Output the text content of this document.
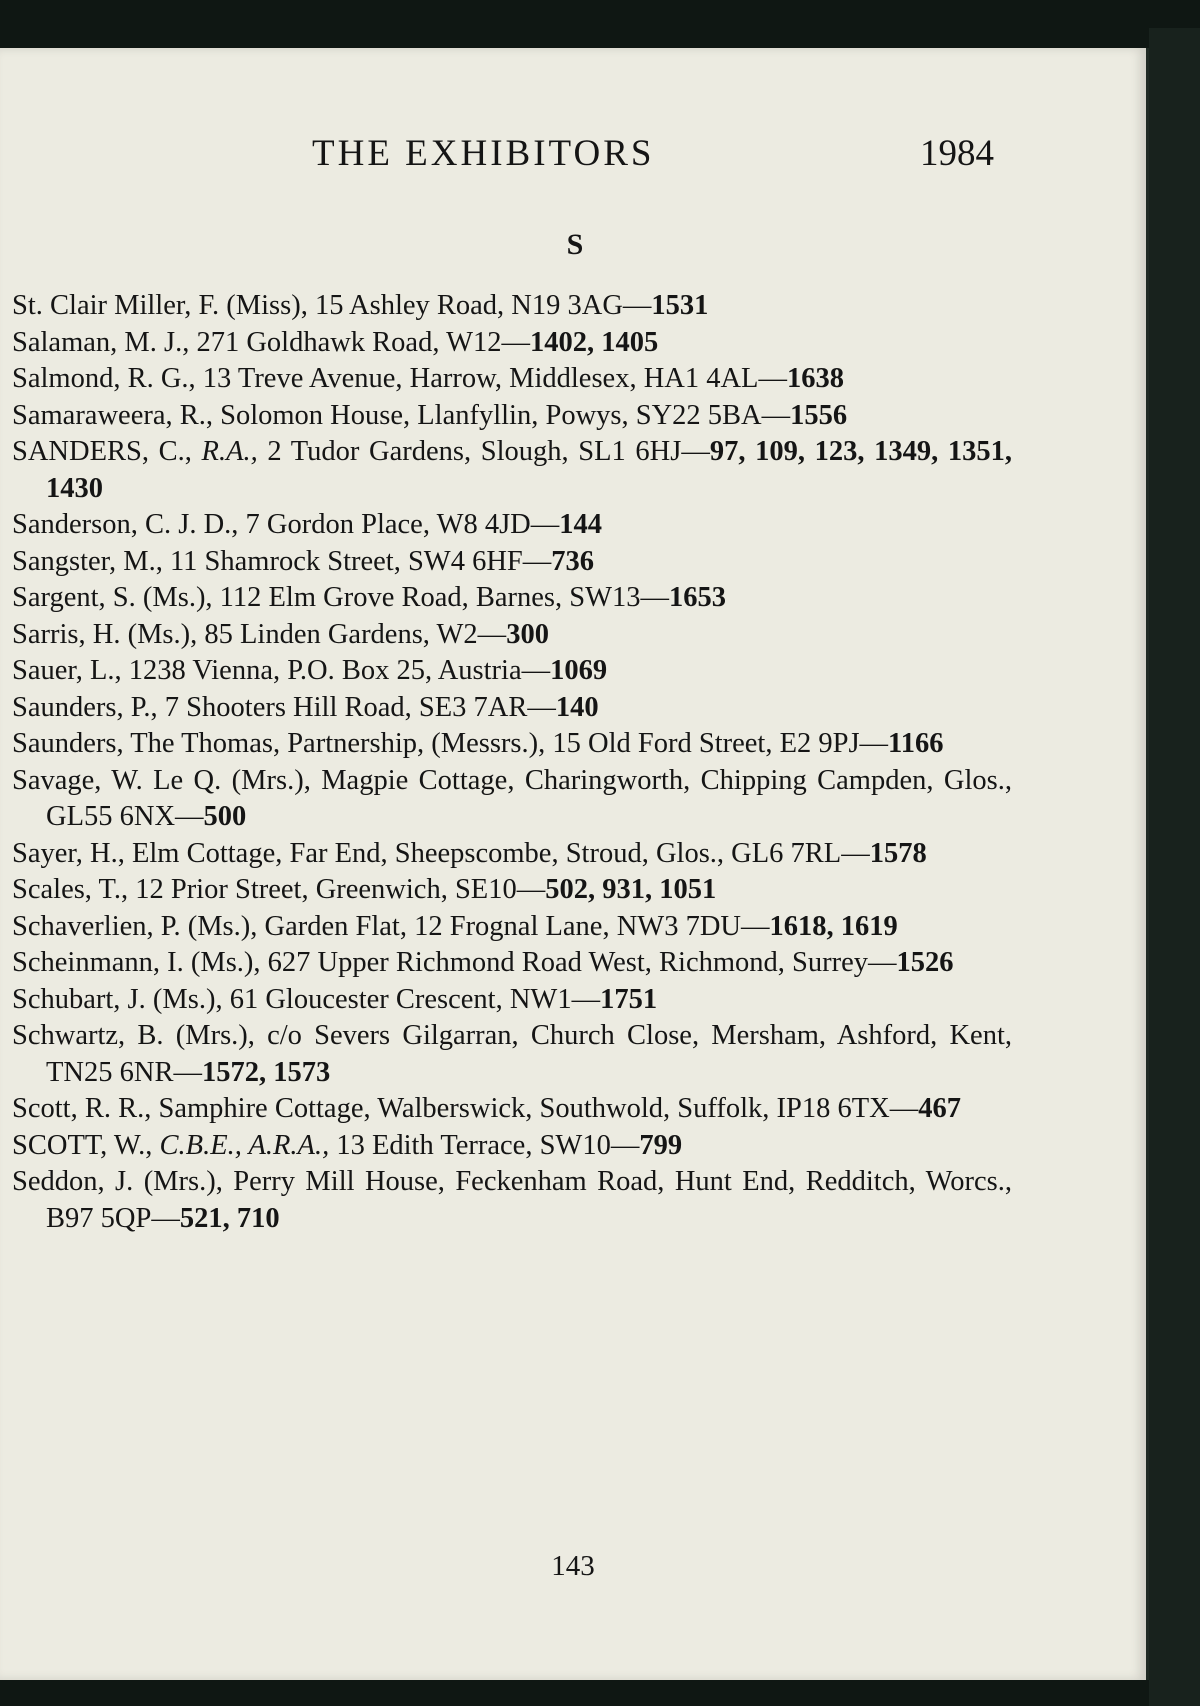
THE EXHIBITORS	1984
S
St. Clair Miller, F. (Miss), 15 Ashley Road, N19 3AG—1531
Salaman, M. J., 271 Goldhawk Road, W12—1402, 1405
Salmond, R. G., 13 Treve Avenue, Harrow, Middlesex, HA1 4AL—1638
Samaraweera, R., Solomon House, Llanfyllin, Powys, SY22 5BA—1556
SANDERS, C., R.A., 2 Tudor Gardens, Slough, SL1 6HJ—97, 109, 123, 1349, 1351, 1430
Sanderson, C. J. D., 7 Gordon Place, W8 4JD—144
Sangster, M., 11 Shamrock Street, SW4 6HF—736
Sargent, S. (Ms.), 112 Elm Grove Road, Barnes, SW13—1653
Sarris, H. (Ms.), 85 Linden Gardens, W2—300
Sauer, L., 1238 Vienna, P.O. Box 25, Austria—1069
Saunders, P., 7 Shooters Hill Road, SE3 7AR—140
Saunders, The Thomas, Partnership, (Messrs.), 15 Old Ford Street, E2 9PJ—1166
Savage, W. Le Q. (Mrs.), Magpie Cottage, Charingworth, Chipping Campden, Glos., GL55 6NX—500
Sayer, H., Elm Cottage, Far End, Sheepscombe, Stroud, Glos., GL6 7RL—1578
Scales, T., 12 Prior Street, Greenwich, SE10—502, 931, 1051
Schaverlien, P. (Ms.), Garden Flat, 12 Frognal Lane, NW3 7DU—1618, 1619
Scheinmann, I. (Ms.), 627 Upper Richmond Road West, Richmond, Surrey—1526
Schubart, J. (Ms.), 61 Gloucester Crescent, NW1—1751
Schwartz, B. (Mrs.), c/o Severs Gilgarran, Church Close, Mersham, Ashford, Kent, TN25 6NR—1572, 1573
Scott, R. R., Samphire Cottage, Walberswick, Southwold, Suffolk, IP18 6TX—467
SCOTT, W., C.B.E., A.R.A., 13 Edith Terrace, SW10—799
Seddon, J. (Mrs.), Perry Mill House, Feckenham Road, Hunt End, Redditch, Worcs., B97 5QP—521, 710
143
